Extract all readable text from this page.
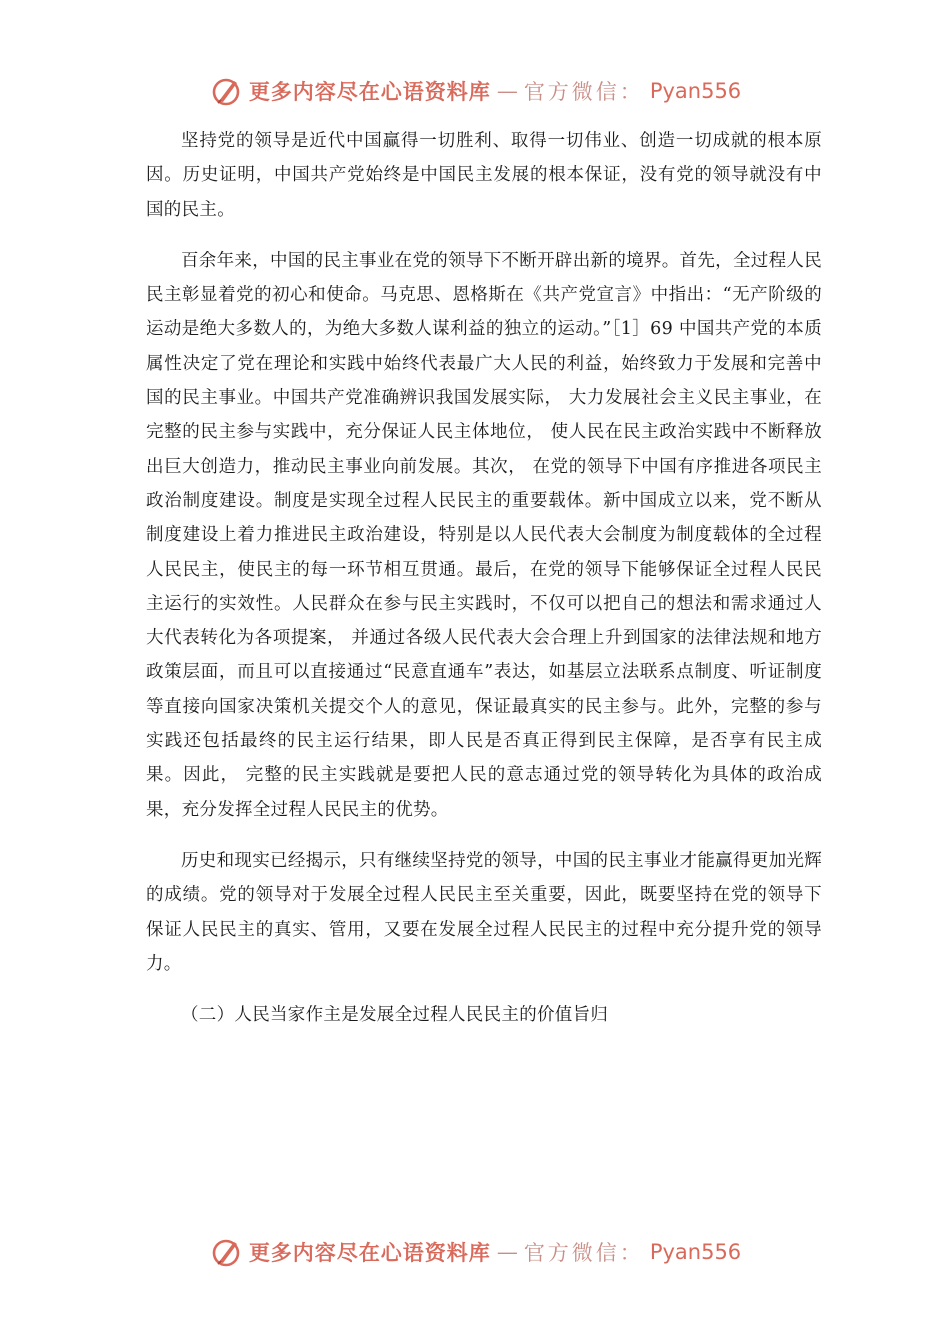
更多内容尽在心语资料库 — 官方微信： Pyan556

坚持党的领导是近代中国赢得一切胜利、取得一切伟业、创造一切成就的根本原因。历史证明，中国共产党始终是中国民主发展的根本保证，没有党的领导就没有中国的民主。

百余年来，中国的民主事业在党的领导下不断开辟出新的境界。首先，全过程人民民主彰显着党的初心和使命。马克思、恩格斯在《共产党宣言》中指出：“无产阶级的运动是绝大多数人的，为绝大多数人谋利益的独立的运动。”［1］69 中国共产党的本质属性决定了党在理论和实践中始终代表最广大人民的利益，始终致力于发展和完善中国的民主事业。中国共产党准确辨识我国发展实际， 大力发展社会主义民主事业，在完整的民主参与实践中，充分保证人民主体地位， 使人民在民主政治实践中不断释放出巨大创造力，推动民主事业向前发展。其次， 在党的领导下中国有序推进各项民主政治制度建设。制度是实现全过程人民民主的重要载体。新中国成立以来，党不断从制度建设上着力推进民主政治建设，特别是以人民代表大会制度为制度载体的全过程人民民主，使民主的每一环节相互贯通。最后，在党的领导下能够保证全过程人民民主运行的实效性。人民群众在参与民主实践时，不仅可以把自己的想法和需求通过人大代表转化为各项提案， 并通过各级人民代表大会合理上升到国家的法律法规和地方政策层面，而且可以直接通过“民意直通车”表达，如基层立法联系点制度、听证制度等直接向国家决策机关提交个人的意见，保证最真实的民主参与。此外，完整的参与实践还包括最终的民主运行结果，即人民是否真正得到民主保障，是否享有民主成果。因此， 完整的民主实践就是要把人民的意志通过党的领导转化为具体的政治成果，充分发挥全过程人民民主的优势。

历史和现实已经揭示，只有继续坚持党的领导，中国的民主事业才能赢得更加光辉的成绩。党的领导对于发展全过程人民民主至关重要，因此，既要坚持在党的领导下保证人民民主的真实、管用，又要在发展全过程人民民主的过程中充分提升党的领导力。

（二）人民当家作主是发展全过程人民民主的价值旨归

更多内容尽在心语资料库 — 官方微信： Pyan556
